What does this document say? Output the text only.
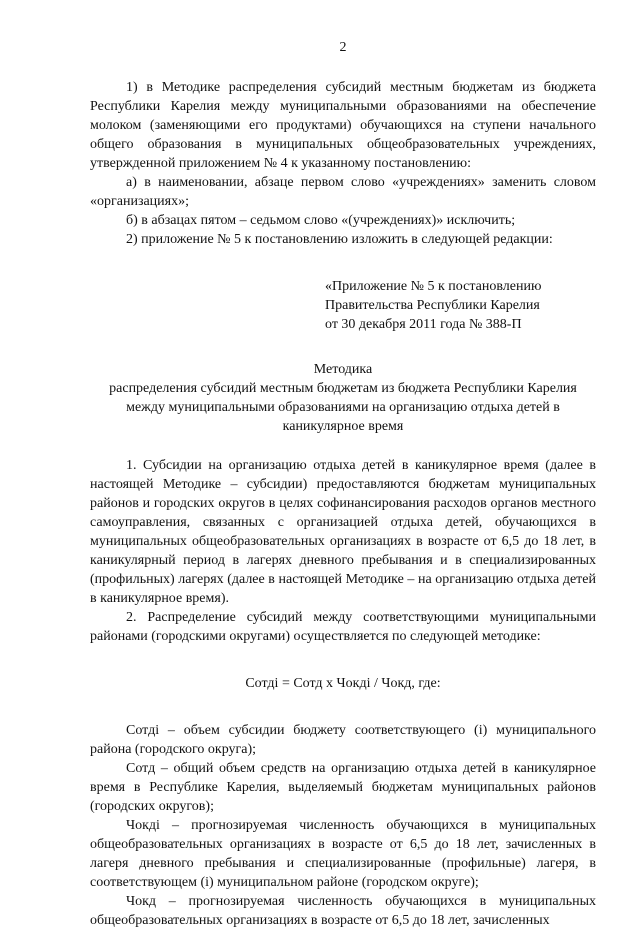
2

1) в Методике распределения субсидий местным бюджетам из бюджета Республики Карелия между муниципальными образованиями на обеспечение молоком (заменяющими его продуктами) обучающихся на ступени начального общего образования в муниципальных общеобразовательных учреждениях, утвержденной приложением № 4 к указанному постановлению:

а) в наименовании, абзаце первом слово «учреждениях» заменить словом «организациях»;

б) в абзацах пятом – седьмом слово «(учреждениях)» исключить;

2) приложение № 5 к постановлению изложить в следующей редакции:

«Приложение № 5 к постановлению
Правительства Республики Карелия
от 30 декабря 2011 года № 388-П

Методика

распределения субсидий местным бюджетам из бюджета Республики Карелия между муниципальными образованиями на организацию отдыха детей в каникулярное время

1. Субсидии на организацию отдыха детей в каникулярное время (далее в настоящей Методике – субсидии) предоставляются бюджетам муниципальных районов и городских округов в целях софинансирования расходов органов местного самоуправления, связанных с организацией отдыха детей, обучающихся в муниципальных общеобразовательных организациях в возрасте от 6,5 до 18 лет, в каникулярный период в лагерях дневного пребывания и в специализированных (профильных) лагерях (далее в настоящей Методике – на организацию отдыха детей в каникулярное время).

2. Распределение субсидий между соответствующими муниципальными районами (городскими округами) осуществляется по следующей методике:

Сотдi = Сотд х Чокдi / Чокд, где:

Сотдi – объем субсидии бюджету соответствующего (i) муниципального района (городского округа);

Сотд – общий объем средств на организацию отдыха детей в каникулярное время в Республике Карелия, выделяемый бюджетам муниципальных районов (городских округов);

Чокдi – прогнозируемая численность обучающихся в муниципальных общеобразовательных организациях в возрасте от 6,5 до 18 лет, зачисленных в лагеря дневного пребывания и специализированные (профильные) лагеря, в соответствующем (i) муниципальном районе (городском округе);

Чокд – прогнозируемая численность обучающихся в муниципальных общеобразовательных организациях в возрасте от 6,5 до 18 лет, зачисленных
